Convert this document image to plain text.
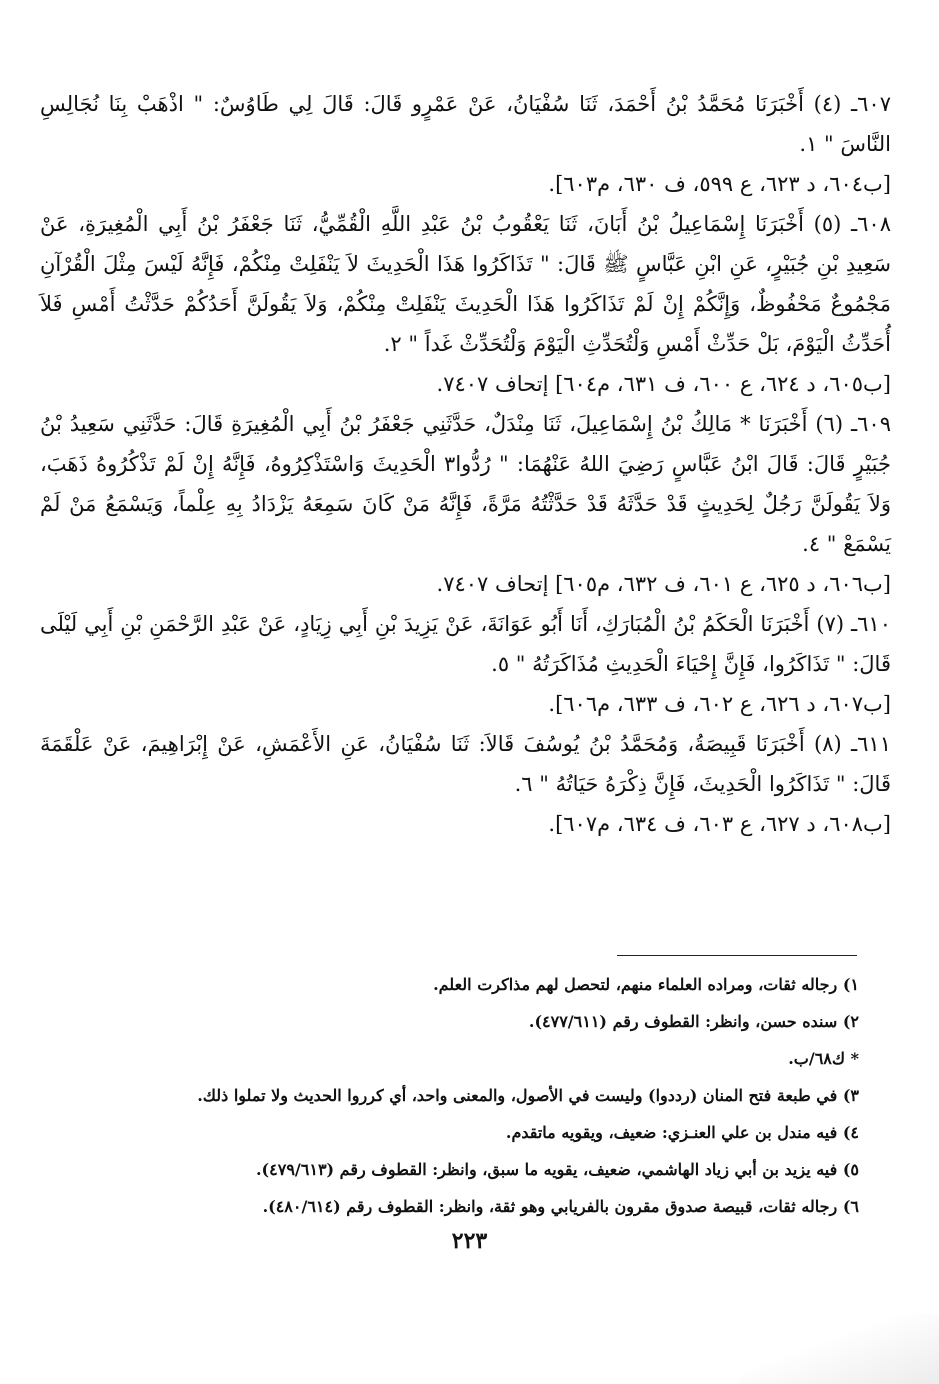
٦٠٧ـ (٤) أَخْبَرَنَا مُحَمَّدُ بْنُ أَحْمَدَ، ثَنَا سُفْيَانُ، عَنْ عَمْرٍو قَالَ: قَالَ لِي طَاوُسٌ: " اذْهَبْ بِنَا نُجَالِسِ النَّاسَ " ١.

[ب٦٠٤، د ٦٢٣، ع ٥٩٩، ف ٦٣٠، م٦٠٣].

٦٠٨ـ (٥) أَخْبَرَنَا إِسْمَاعِيلُ بْنُ أَبَانَ، ثَنَا يَعْقُوبُ بْنُ عَبْدِ اللَّهِ الْقُمِّيُّ، ثَنَا جَعْفَرُ بْنُ أَبِي الْمُغِيرَةِ، عَنْ سَعِيدِ بْنِ جُبَيْرٍ، عَنِ ابْنِ عَبَّاسٍ ﷺ قَالَ: " تَذَاكَرُوا هَذَا الْحَدِيثَ لاَ يَنْفَلِتْ مِنْكُمْ، فَإِنَّهُ لَيْسَ مِثْلَ الْقُرْآنِ مَجْمُوعٌ مَحْفُوظٌ، وَإِنَّكُمْ إِنْ لَمْ تَذَاكَرُوا هَذَا الْحَدِيثَ يَنْفَلِتْ مِنْكُمْ، وَلاَ يَقُولَنَّ أَحَدُكُمْ حَدَّثْتُ أَمْسِ فَلاَ أُحَدِّثُ الْيَوْمَ، بَلْ حَدِّثْ أَمْسِ وَلْتُحَدِّثِ الْيَوْمَ وَلْتُحَدِّثْ غَداً " ٢.

[ب٦٠٥، د ٦٢٤، ع ٦٠٠، ف ٦٣١، م٦٠٤] إتحاف ٧٤٠٧.

٦٠٩ـ (٦) أَخْبَرَنَا * مَالِكُ بْنُ إِسْمَاعِيلَ، ثَنَا مِنْدَلٌ، حَدَّثَنِي جَعْفَرُ بْنُ أَبِي الْمُغِيرَةِ قَالَ: حَدَّثَنِي سَعِيدُ بْنُ جُبَيْرٍ قَالَ: قَالَ ابْنُ عَبَّاسٍ رَضِيَ اللهُ عَنْهُمَا: " رُدُّوا٣ الْحَدِيثَ وَاسْتَذْكِرُوهُ، فَإِنَّهُ إِنْ لَمْ تَذْكُرُوهُ ذَهَبَ، وَلاَ يَقُولَنَّ رَجُلٌ لِحَدِيثٍ قَدْ حَدَّثَهُ قَدْ حَدَّثْتُهُ مَرَّةً، فَإِنَّهُ مَنْ كَانَ سَمِعَهُ يَزْدَادُ بِهِ عِلْماً، وَيَسْمَعُ مَنْ لَمْ يَسْمَعْ " ٤.

[ب٦٠٦، د ٦٢٥، ع ٦٠١، ف ٦٣٢، م٦٠٥] إتحاف ٧٤٠٧.

٦١٠ـ (٧) أَخْبَرَنَا الْحَكَمُ بْنُ الْمُبَارَكِ، أَنَا أَبُو عَوَانَةَ، عَنْ يَزِيدَ بْنِ أَبِي زِيَادٍ، عَنْ عَبْدِ الرَّحْمَنِ بْنِ أَبِي لَيْلَى قَالَ: " تَذَاكَرُوا، فَإِنَّ إِحْيَاءَ الْحَدِيثِ مُذَاكَرَتُهُ " ٥.

[ب٦٠٧، د ٦٢٦، ع ٦٠٢، ف ٦٣٣، م٦٠٦].

٦١١ـ (٨) أَخْبَرَنَا قَبِيصَةُ، وَمُحَمَّدُ بْنُ يُوسُفَ قَالاَ: ثَنَا سُفْيَانُ، عَنِ الأَعْمَشِ، عَنْ إِبْرَاهِيمَ، عَنْ عَلْقَمَةَ قَالَ: " تَذَاكَرُوا الْحَدِيثَ، فَإِنَّ ذِكْرَهُ حَيَاتُهُ " ٦.

[ب٦٠٨، د ٦٢٧، ع ٦٠٣، ف ٦٣٤، م٦٠٧].

١) رجاله ثقات، ومراده العلماء منهم، لتحصل لهم مذاكرت العلم.

٢) سنده حسن، وانظر: القطوف رقم (٤٧٧/٦١١).

* ك٦٨/ب.

٣) في طبعة فتح المنان (رددوا) وليست في الأصول، والمعنى واحد، أي كرروا الحديث ولا تملوا ذلك.

٤) فيه مندل بن علي العنـزي: ضعيف، ويقويه ماتقدم.

٥) فيه يزيد بن أبي زياد الهاشمي، ضعيف، يقويه ما سبق، وانظر: القطوف رقم (٤٧٩/٦١٣).

٦) رجاله ثقات، قبيصة صدوق مقرون بالفريابي وهو ثقة، وانظر: القطوف رقم (٤٨٠/٦١٤).

٢٢٣
